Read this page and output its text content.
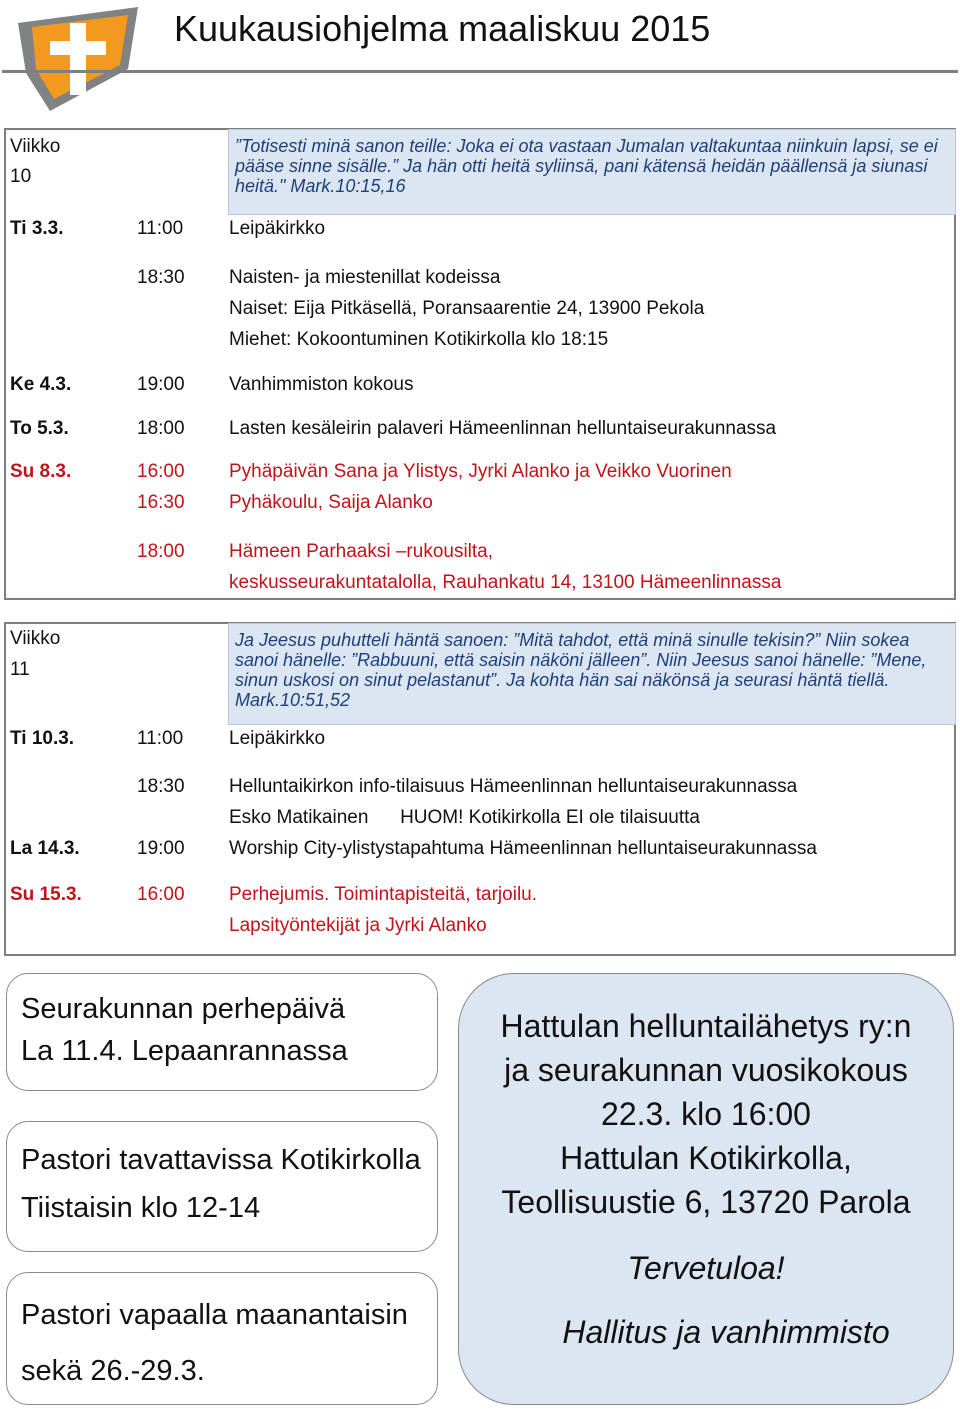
Kuukausiohjelma maaliskuu 2015
Viikko
10
”Totisesti minä sanon teille: Joka ei ota vastaan Jumalan valtakuntaa niinkuin lapsi, se ei pääse sinne sisälle.” Ja hän otti heitä syliinsä, pani kätensä heidän päällensä ja siunasi heitä." Mark.10:15,16
Ti 3.3.	11:00 Leipäkirkko
18:30 Naisten- ja miestenillat kodeissa
Naiset: Eija Pitkäsellä, Poransaarentie 24, 13900 Pekola
Miehet: Kokoontuminen Kotikirkolla klo 18:15
Ke 4.3.	19:00 Vanhimmiston kokous
To 5.3.	18:00 Lasten kesäleirin palaveri Hämeenlinnan helluntaiseurakunnassa
Su 8.3.	16:00 Pyhäpäivän Sana ja Ylistys, Jyrki Alanko ja Veikko Vuorinen
16:30 Pyhäkoulu, Saija Alanko
18:00 Hämeen Parhaaksi –rukousilta,
keskusseurakuntatalolla, Rauhankatu 14, 13100 Hämeenlinnassa
Viikko
11
Ja Jeesus puhutteli häntä sanoen: ”Mitä tahdot, että minä sinulle tekisin?” Niin sokea sanoi hänelle: ”Rabbuuni, että saisin näköni jälleen”. Niin Jeesus sanoi hänelle: ”Mene, sinun uskosi on sinut pelastanut”. Ja kohta hän sai näkönsä ja seurasi häntä tiellä. Mark.10:51,52
Ti 10.3.	11:00 Leipäkirkko
18:30 Helluntaikirkon info-tilaisuus Hämeenlinnan helluntaiseurakunnassa
Esko Matikainen      HUOM! Kotikirkolla EI ole tilaisuutta
La 14.3.	19:00 Worship City-ylistystapahtuma Hämeenlinnan helluntaiseurakunnassa
Su 15.3.	16:00 Perhejumis. Toimintapisteitä, tarjoilu.
Lapsityöntekijät ja Jyrki Alanko
Seurakunnan perhepäivä
La 11.4. Lepaanrannassa
Pastori tavattavissa Kotikirkolla
Tiistaisin klo 12-14
Pastori vapaalla maanantaisin
sekä 26.-29.3.
Hattulan helluntailähetys ry:n
ja seurakunnan vuosikokous
22.3. klo 16:00
Hattulan Kotikirkolla,
Teollisuustie 6, 13720 Parola
Tervetuloa!
Hallitus ja vanhimmisto
